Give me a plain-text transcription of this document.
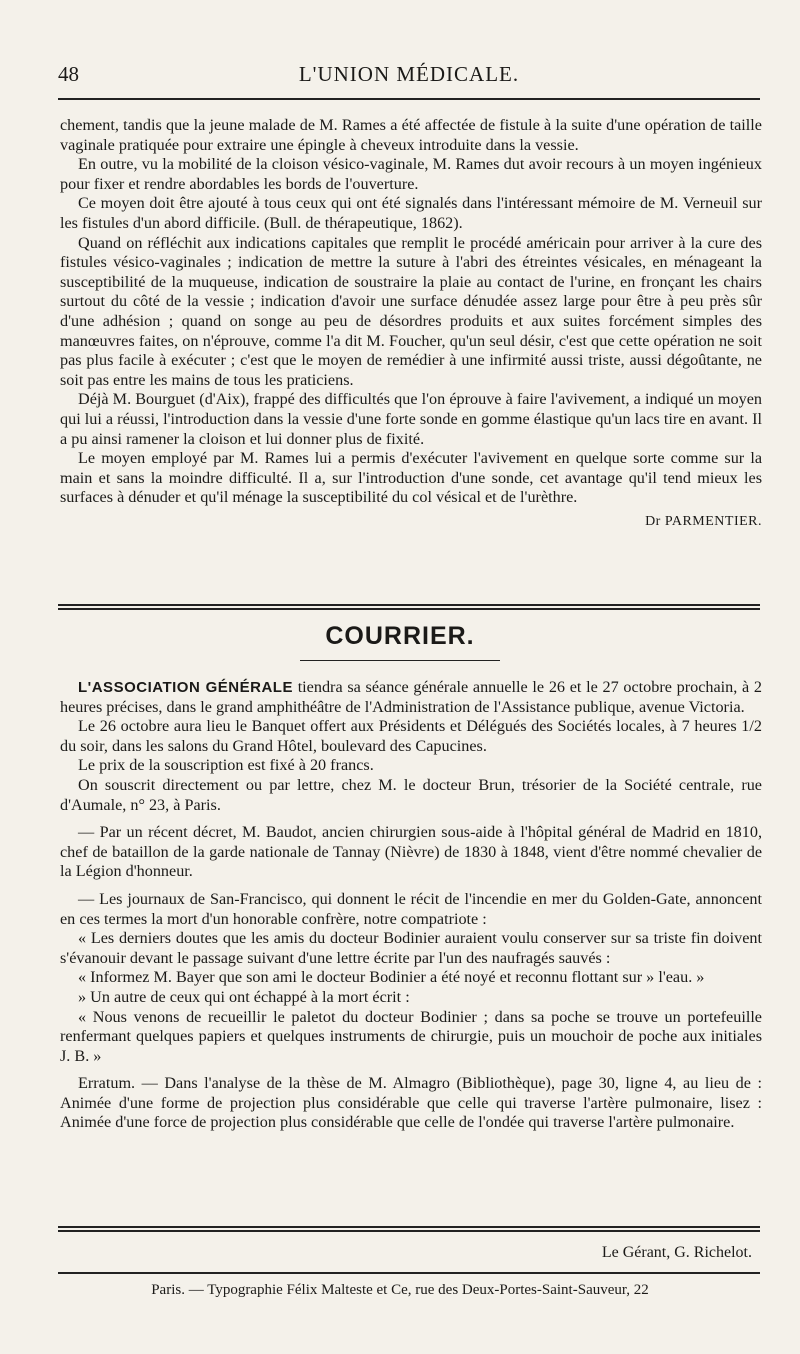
48	L'UNION MÉDICALE.

chement, tandis que la jeune malade de M. Rames a été affectée de fistule à la suite d'une opération de taille vaginale pratiquée pour extraire une épingle à cheveux introduite dans la vessie.

En outre, vu la mobilité de la cloison vésico-vaginale, M. Rames dut avoir recours à un moyen ingénieux pour fixer et rendre abordables les bords de l'ouverture.

Ce moyen doit être ajouté à tous ceux qui ont été signalés dans l'intéressant mémoire de M. Verneuil sur les fistules d'un abord difficile. (Bull. de thérapeutique, 1862).

Quand on réfléchit aux indications capitales que remplit le procédé américain pour arriver à la cure des fistules vésico-vaginales ; indication de mettre la suture à l'abri des étreintes vésicales, en ménageant la susceptibilité de la muqueuse, indication de soustraire la plaie au contact de l'urine, en fronçant les chairs surtout du côté de la vessie ; indication d'avoir une surface dénudée assez large pour être à peu près sûr d'une adhésion ; quand on songe au peu de désordres produits et aux suites forcément simples des manœuvres faites, on n'éprouve, comme l'a dit M. Foucher, qu'un seul désir, c'est que cette opération ne soit pas plus facile à exécuter ; c'est que le moyen de remédier à une infirmité aussi triste, aussi dégoûtante, ne soit pas entre les mains de tous les praticiens.

Déjà M. Bourguet (d'Aix), frappé des difficultés que l'on éprouve à faire l'avivement, a indiqué un moyen qui lui a réussi, l'introduction dans la vessie d'une forte sonde en gomme élastique qu'un lacs tire en avant. Il a pu ainsi ramener la cloison et lui donner plus de fixité.

Le moyen employé par M. Rames lui a permis d'exécuter l'avivement en quelque sorte comme sur la main et sans la moindre difficulté. Il a, sur l'introduction d'une sonde, cet avantage qu'il tend mieux les surfaces à dénuder et qu'il ménage la susceptibilité du col vésical et de l'urèthre.

Dr PARMENTIER.
COURRIER.

L'ASSOCIATION GÉNÉRALE tiendra sa séance générale annuelle le 26 et le 27 octobre prochain, à 2 heures précises, dans le grand amphithéâtre de l'Administration de l'Assistance publique, avenue Victoria.

Le 26 octobre aura lieu le Banquet offert aux Présidents et Délégués des Sociétés locales, à 7 heures 1/2 du soir, dans les salons du Grand Hôtel, boulevard des Capucines.

Le prix de la souscription est fixé à 20 francs.

On souscrit directement ou par lettre, chez M. le docteur Brun, trésorier de la Société centrale, rue d'Aumale, n° 23, à Paris.

— Par un récent décret, M. Baudot, ancien chirurgien sous-aide à l'hôpital général de Madrid en 1810, chef de bataillon de la garde nationale de Tannay (Nièvre) de 1830 à 1848, vient d'être nommé chevalier de la Légion d'honneur.

— Les journaux de San-Francisco, qui donnent le récit de l'incendie en mer du Golden-Gate, annoncent en ces termes la mort d'un honorable confrère, notre compatriote :

« Les derniers doutes que les amis du docteur Bodinier auraient voulu conserver sur sa triste fin doivent s'évanouir devant le passage suivant d'une lettre écrite par l'un des naufragés sauvés :

« Informez M. Bayer que son ami le docteur Bodinier a été noyé et reconnu flottant sur » l'eau. »

» Un autre de ceux qui ont échappé à la mort écrit :

« Nous venons de recueillir le paletot du docteur Bodinier ; dans sa poche se trouve un portefeuille renfermant quelques papiers et quelques instruments de chirurgie, puis un mouchoir de poche aux initiales J. B. »

Erratum. — Dans l'analyse de la thèse de M. Almagro (Bibliothèque), page 30, ligne 4, au lieu de : Animée d'une forme de projection plus considérable que celle qui traverse l'artère pulmonaire, lisez : Animée d'une force de projection plus considérable que celle de l'ondée qui traverse l'artère pulmonaire.

Le Gérant, G. Richelot.
Paris. — Typographie Félix Malteste et Ce, rue des Deux-Portes-Saint-Sauveur, 22
